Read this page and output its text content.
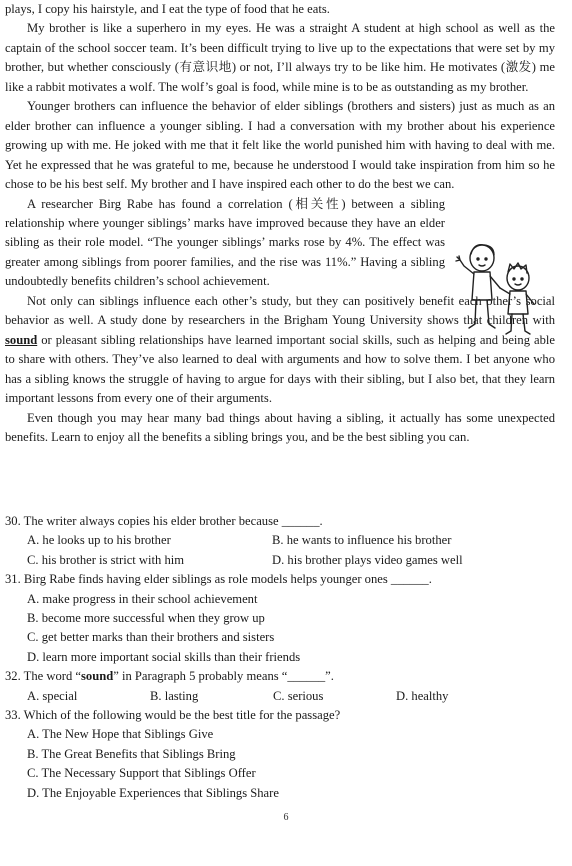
plays, I copy his hairstyle, and I eat the type of food that he eats.

My brother is like a superhero in my eyes. He was a straight A student at high school as well as the captain of the school soccer team. It’s been difficult trying to live up to the expectations that were set by my brother, but whether consciously (有意识地) or not, I’ll always try to be like him. He motivates (激发) me like a rabbit motivates a wolf. The wolf’s goal is food, while mine is to be as outstanding as my brother.

Younger brothers can influence the behavior of elder siblings (brothers and sisters) just as much as an elder brother can influence a younger sibling. I had a conversation with my brother about his experience growing up with me. He joked with me that it felt like the world punished him with having to deal with me. Yet he expressed that he was grateful to me, because he understood I would take inspiration from him so he chose to be his best self. My brother and I have inspired each other to do the best we can.

A researcher Birg Rabe has found a correlation (相关性) between a sibling relationship where younger siblings’ marks have improved because they have an elder sibling as their role model. “The younger siblings’ marks rose by 4%. The effect was greater among siblings from poorer families, and the rise was 11%.” Having a sibling undoubtedly benefits children’s school achievement.

Not only can siblings influence each other’s study, but they can positively benefit each other’s social behavior as well. A study done by researchers in the Brigham Young University shows that children with sound or pleasant sibling relationships have learned important social skills, such as helping and being able to share with others. They’ve also learned to deal with arguments and how to solve them. I bet anyone who has a sibling knows the struggle of having to argue for days with their sibling, but I also bet, that they learn important lessons from every one of their arguments.

Even though you may hear many bad things about having a sibling, it actually has some unexpected benefits. Learn to enjoy all the benefits a sibling brings you, and be the best sibling you can.

30. The writer always copies his elder brother because ______.

A. he looks up to his brother	B. he wants to influence his brother
C. his brother is strict with him	D. his brother plays video games well

31. Birg Rabe finds having elder siblings as role models helps younger ones ______.

A. make progress in their school achievement
B. become more successful when they grow up
C. get better marks than their brothers and sisters
D. learn more important social skills than their friends

32. The word “sound” in Paragraph 5 probably means “______”.

A. special	B. lasting	C. serious	D. healthy

33. Which of the following would be the best title for the passage?

A. The New Hope that Siblings Give
B. The Great Benefits that Siblings Bring
C. The Necessary Support that Siblings Offer
D. The Enjoyable Experiences that Siblings Share
6
